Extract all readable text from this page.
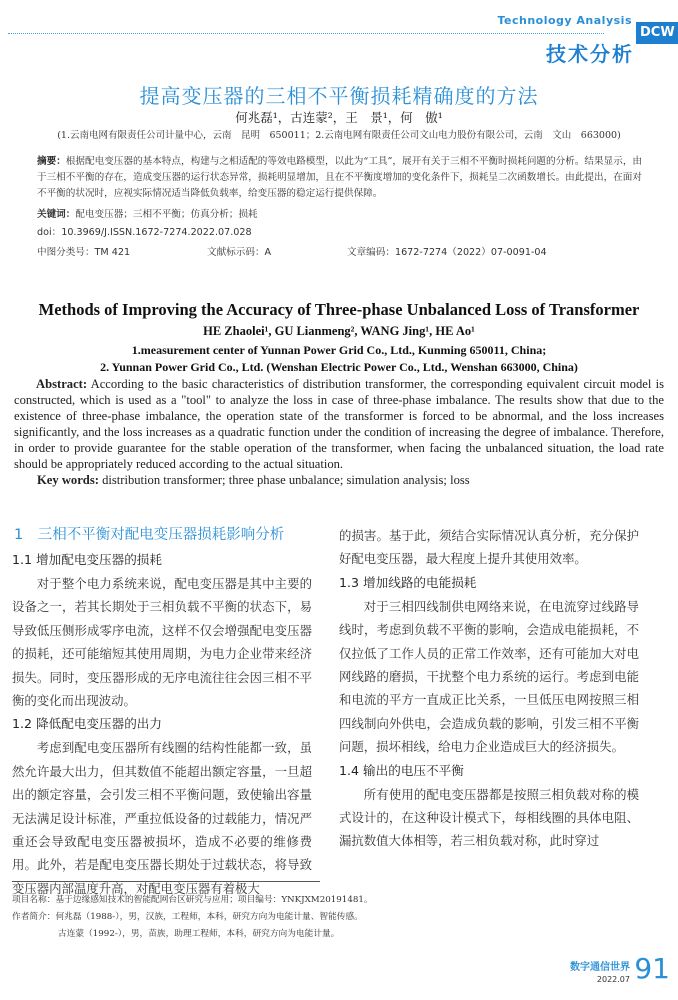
Technology Analysis
DCW
技术分析
提高变压器的三相不平衡损耗精确度的方法
何兆磊¹，古连蒙²，王　景¹，何　傲¹
(1.云南电网有限责任公司计量中心，云南　昆明　650011；2.云南电网有限责任公司文山电力股份有限公司，云南　文山　663000)
摘要：根据配电变压器的基本特点，构建与之相适配的等效电路模型，以此为“工具”，展开有关于三相不平衡时损耗问题的分析。结果显示，由于三相不平衡的存在，造成变压器的运行状态异常，损耗明显增加，且在不平衡度增加的变化条件下，损耗呈二次函数增长。由此提出，在面对不平衡的状况时，应视实际情况适当降低负载率，给变压器的稳定运行提供保障。
关键词：配电变压器；三相不平衡；仿真分析；损耗
doi：10.3969/J.ISSN.1672-7274.2022.07.028
中图分类号：TM 421	文献标示码：A	文章编码：1672-7274（2022）07-0091-04
Methods of Improving the Accuracy of Three-phase Unbalanced Loss of Transformer
HE Zhaolei¹, GU Lianmeng², WANG Jing¹, HE Ao¹
1.measurement center of Yunnan Power Grid Co., Ltd., Kunming 650011, China;
2. Yunnan Power Grid Co., Ltd. (Wenshan Electric Power Co., Ltd., Wenshan 663000, China)
Abstract: According to the basic characteristics of distribution transformer, the corresponding equivalent circuit model is constructed, which is used as a "tool" to analyze the loss in case of three-phase imbalance. The results show that due to the existence of three-phase imbalance, the operation state of the transformer is forced to be abnormal, and the loss increases significantly, and the loss increases as a quadratic function under the condition of increasing the degree of imbalance. Therefore, in order to provide guarantee for the stable operation of the transformer, when facing the unbalanced situation, the load rate should be appropriately reduced according to the actual situation.
Key words: distribution transformer; three phase unbalance; simulation analysis; loss
1　三相不平衡对配电变压器损耗影响分析
1.1 增加配电变压器的损耗
对于整个电力系统来说，配电变压器是其中主要的设备之一，若其长期处于三相负载不平衡的状态下，易导致低压侧形成零序电流，这样不仅会增强配电变压器的损耗，还可能缩短其使用周期，为电力企业带来经济损失。同时，变压器形成的无序电流往往会因三相不平衡的变化而出现波动。
1.2 降低配电变压器的出力
考虑到配电变压器所有线圈的结构性能都一致，虽然允许最大出力，但其数值不能超出额定容量，一旦超出的额定容量，会引发三相不平衡问题，致使输出容量无法满足设计标准，严重拉低设备的过载能力，情况严重还会导致配电变压器被损坏，造成不必要的维修费用。此外，若是配电变压器长期处于过载状态，将导致变压器内部温度升高，对配电变压器有着极大
的损害。基于此，须结合实际情况认真分析，充分保护好配电变压器，最大程度上提升其使用效率。
1.3 增加线路的电能损耗
对于三相四线制供电网络来说，在电流穿过线路导线时，考虑到负载不平衡的影响，会造成电能损耗，不仅拉低了工作人员的正常工作效率，还有可能加大对电网线路的磨损，干扰整个电力系统的运行。考虑到电能和电流的平方一直成正比关系，一旦低压电网按照三相四线制向外供电，会造成负载的影响，引发三相不平衡问题，损坏相线，给电力企业造成巨大的经济损失。
1.4 输出的电压不平衡
所有使用的配电变压器都是按照三相负载对称的模式设计的，在这种设计模式下，每相线圈的具体电阻、漏抗数值大体相等，若三相负载对称，此时穿过
项目名称：基于边缘感知技术的智能配网台区研究与应用；项目编号：YNKJXM20191481。
作者简介：何兆磊（1988-），男，汉族，工程师，本科，研究方向为电能计量、智能传感。
古连蒙（1992-），男，苗族，助理工程师，本科，研究方向为电能计量。
数字通信世界
2022.07 91
